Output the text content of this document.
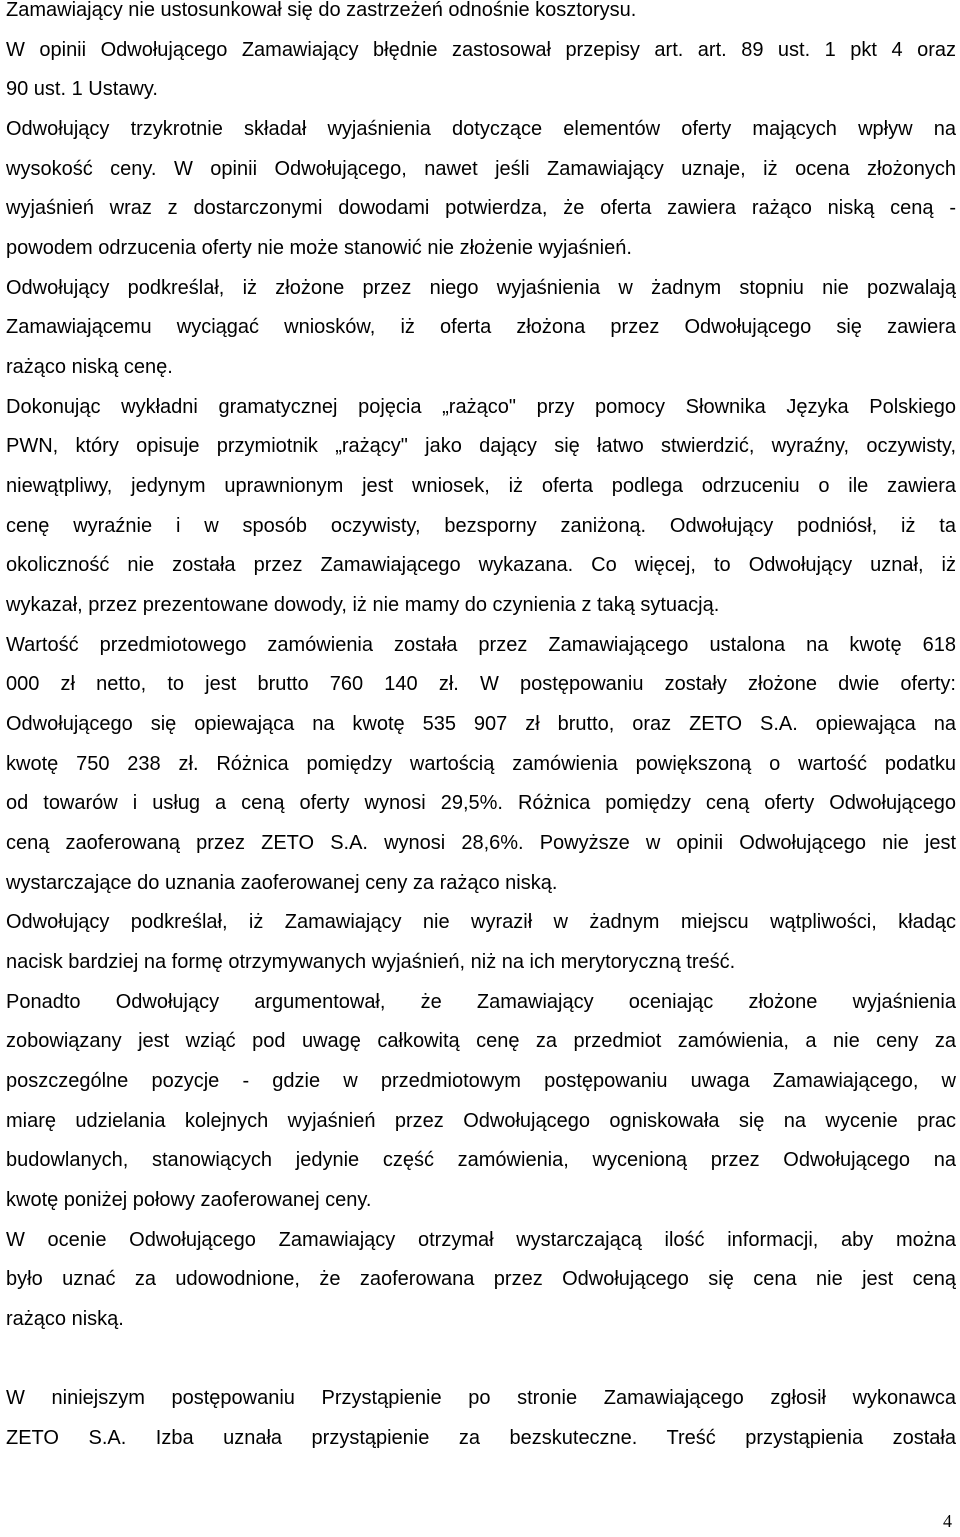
Zamawiający nie ustosunkował się do zastrzeżeń odnośnie kosztorysu.
W opinii Odwołującego Zamawiający błędnie zastosował przepisy art. art. 89 ust. 1 pkt 4 oraz
90 ust. 1 Ustawy.
Odwołujący trzykrotnie składał wyjaśnienia dotyczące elementów oferty mających wpływ na
wysokość ceny. W opinii Odwołującego, nawet jeśli Zamawiający uznaje, iż ocena złożonych
wyjaśnień wraz z dostarczonymi dowodami potwierdza, że oferta zawiera rażąco niską ceną -
powodem odrzucenia oferty nie może stanowić nie złożenie wyjaśnień.
Odwołujący podkreślał, iż złożone przez niego wyjaśnienia w żadnym stopniu nie pozwalają
Zamawiającemu wyciągać wniosków, iż oferta złożona przez Odwołującego się zawiera
rażąco niską cenę.
Dokonując wykładni gramatycznej pojęcia „rażąco" przy pomocy Słownika Języka Polskiego
PWN, który opisuje przymiotnik „rażący" jako dający się łatwo stwierdzić, wyraźny, oczywisty,
niewątpliwy, jedynym uprawnionym jest wniosek, iż oferta podlega odrzuceniu o ile zawiera
cenę wyraźnie i w sposób oczywisty, bezsporny zaniżoną. Odwołujący podniósł, iż ta
okoliczność nie została przez Zamawiającego wykazana. Co więcej, to Odwołujący uznał, iż
wykazał, przez prezentowane dowody, iż nie mamy do czynienia z taką sytuacją.
Wartość przedmiotowego zamówienia została przez Zamawiającego ustalona na kwotę 618
000 zł netto, to jest brutto 760 140 zł. W postępowaniu zostały złożone dwie oferty:
Odwołującego się opiewająca na kwotę 535 907 zł brutto, oraz ZETO S.A. opiewająca na
kwotę 750 238 zł. Różnica pomiędzy wartością zamówienia powiększoną o wartość podatku
od towarów i usług a ceną oferty wynosi 29,5%. Różnica pomiędzy ceną oferty Odwołującego
ceną zaoferowaną przez ZETO S.A. wynosi 28,6%. Powyższe w opinii Odwołującego nie jest
wystarczające do uznania zaoferowanej ceny za rażąco niską.
Odwołujący podkreślał, iż Zamawiający nie wyraził w żadnym miejscu wątpliwości, kładąc
nacisk bardziej na formę otrzymywanych wyjaśnień, niż na ich merytoryczną treść.
Ponadto Odwołujący argumentował, że Zamawiający oceniając złożone wyjaśnienia
zobowiązany jest wziąć pod uwagę całkowitą cenę za przedmiot zamówienia, a nie ceny za
poszczególne pozycje - gdzie w przedmiotowym postępowaniu uwaga Zamawiającego, w
miarę udzielania kolejnych wyjaśnień przez Odwołującego ogniskowała się na wycenie prac
budowlanych, stanowiących jedynie część zamówienia, wycenioną przez Odwołującego na
kwotę poniżej połowy zaoferowanej ceny.
W ocenie Odwołującego Zamawiający otrzymał wystarczającą ilość informacji, aby można
było uznać za udowodnione, że zaoferowana przez Odwołującego się cena nie jest ceną
rażąco niską.
W niniejszym postępowaniu Przystąpienie po stronie Zamawiającego zgłosił wykonawca
ZETO S.A. Izba uznała przystąpienie za bezskuteczne. Treść przystąpienia została
4
